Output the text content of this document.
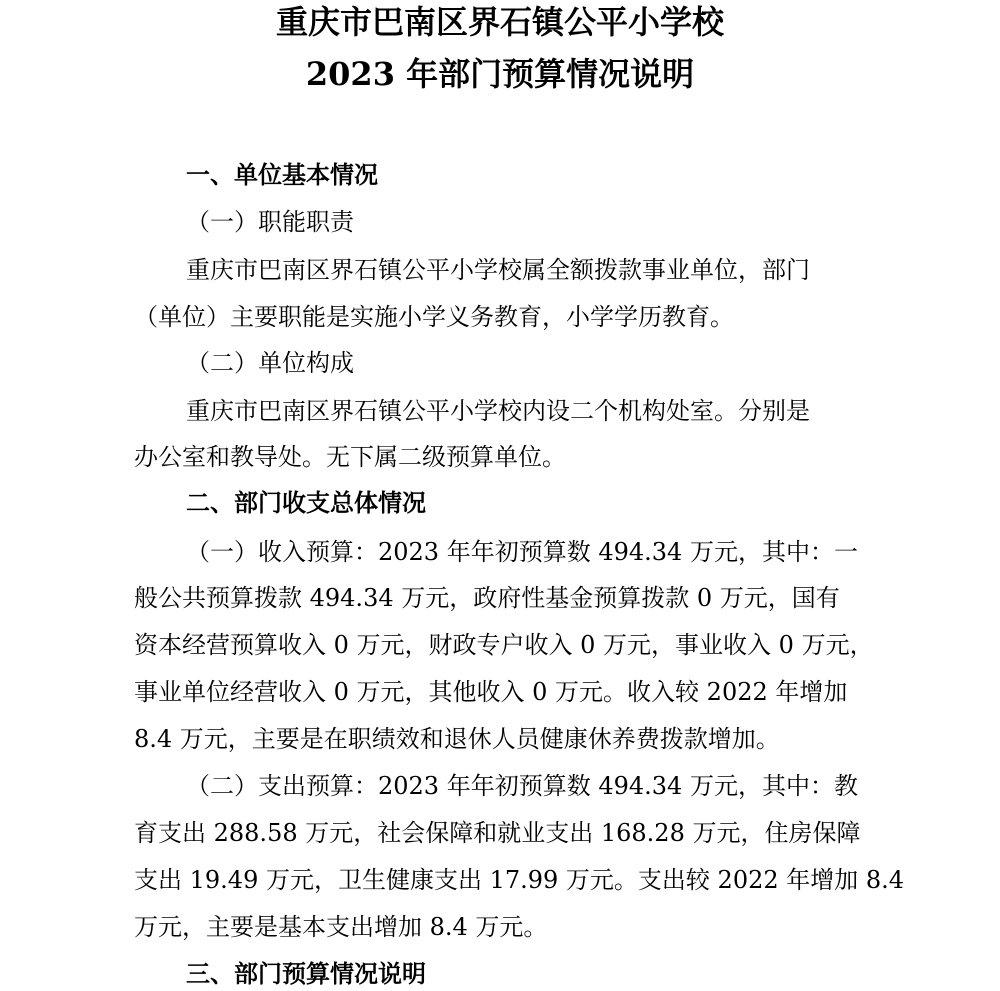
重庆市巴南区界石镇公平小学校
2023 年部门预算情况说明
一、单位基本情况
（一）职能职责
重庆市巴南区界石镇公平小学校属全额拨款事业单位，部门
（单位）主要职能是实施小学义务教育，小学学历教育。
（二）单位构成
重庆市巴南区界石镇公平小学校内设二个机构处室。分别是
办公室和教导处。无下属二级预算单位。
二、部门收支总体情况
（一）收入预算：2023 年年初预算数 494.34 万元，其中：一
般公共预算拨款 494.34 万元，政府性基金预算拨款 0 万元，国有
资本经营预算收入 0 万元，财政专户收入 0 万元，事业收入 0 万元，
事业单位经营收入 0 万元，其他收入 0 万元。收入较 2022 年增加
8.4 万元，主要是在职绩效和退休人员健康休养费拨款增加。
（二）支出预算：2023 年年初预算数 494.34 万元，其中：教
育支出 288.58 万元，社会保障和就业支出 168.28 万元，住房保障
支出 19.49 万元，卫生健康支出 17.99 万元。支出较 2022 年增加 8.4
万元，主要是基本支出增加 8.4 万元。
三、部门预算情况说明
